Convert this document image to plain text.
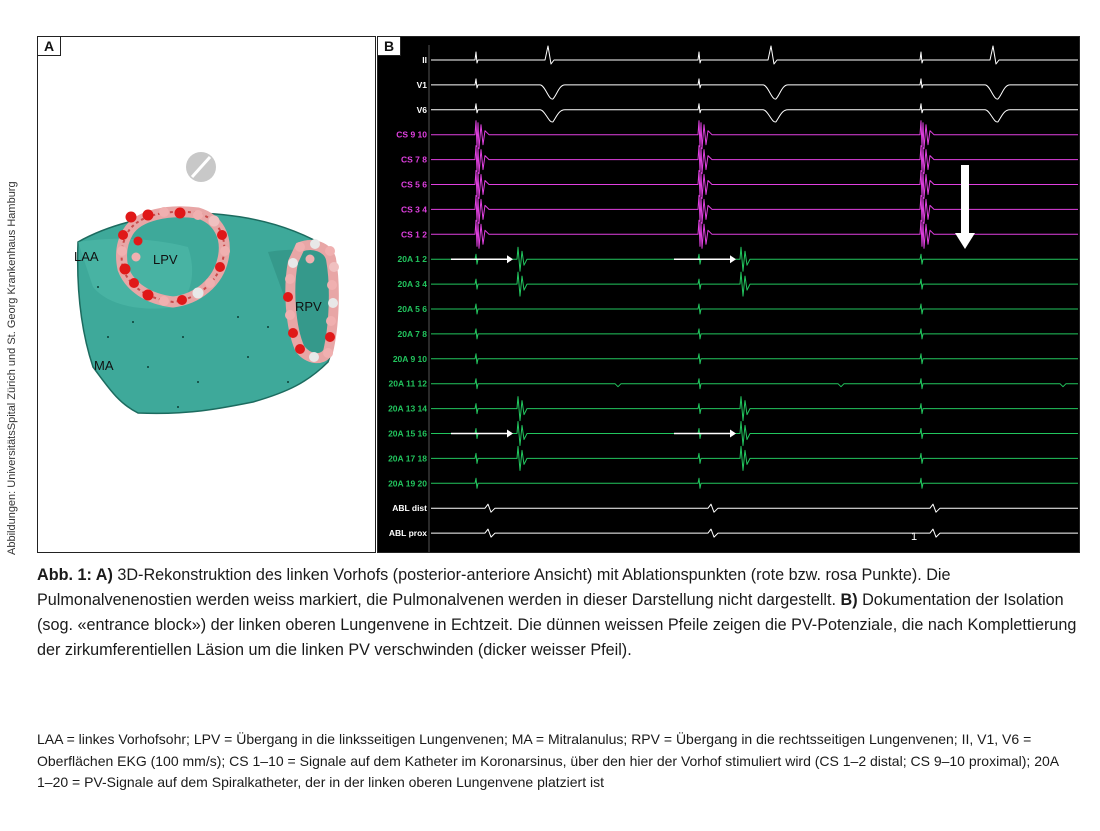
Abbildungen: UniversitätsSpital Zürich und St. Georg Krankenhaus Hamburg
A
LAA	LPV
RPV
MA
B
II
V1
V6
CS 9 10
CS 7 8
CS 5 6
CS 3 4
CS 1 2
20A 1 2
20A 3 4
20A 5 6
20A 7 8
20A 9 10
20A 11 12
20A 13 14
20A 15 16
20A 17 18
20A 19 20
ABL dist
ABL prox	1
Abb. 1: A) 3D-Rekonstruktion des linken Vorhofs (posterior-anteriore Ansicht) mit Ablationspunkten (rote bzw. rosa Punkte). Die Pulmonalvenenostien werden weiss markiert, die Pulmonalvenen werden in dieser Darstellung nicht dargestellt. B) Dokumentation der Isolation (sog. «entrance block») der linken oberen Lungenvene in Echtzeit. Die dünnen weissen Pfeile zeigen die PV-Potenziale, die nach Komplettierung der zirkumferentiellen Läsion um die linken PV verschwinden (dicker weisser Pfeil).
LAA = linkes Vorhofsohr; LPV = Übergang in die linksseitigen Lungenvenen; MA = Mitralanulus; RPV = Übergang in die rechtsseitigen Lungenvenen; II, V1, V6 = Oberflächen EKG (100 mm/s); CS 1–10 = Signale auf dem Katheter im Koronarsinus, über den hier der Vorhof stimuliert wird (CS 1–2 distal; CS 9–10 proximal); 20A 1–20 = PV-Signale auf dem Spiralkatheter, der in der linken oberen Lungenvene platziert ist
